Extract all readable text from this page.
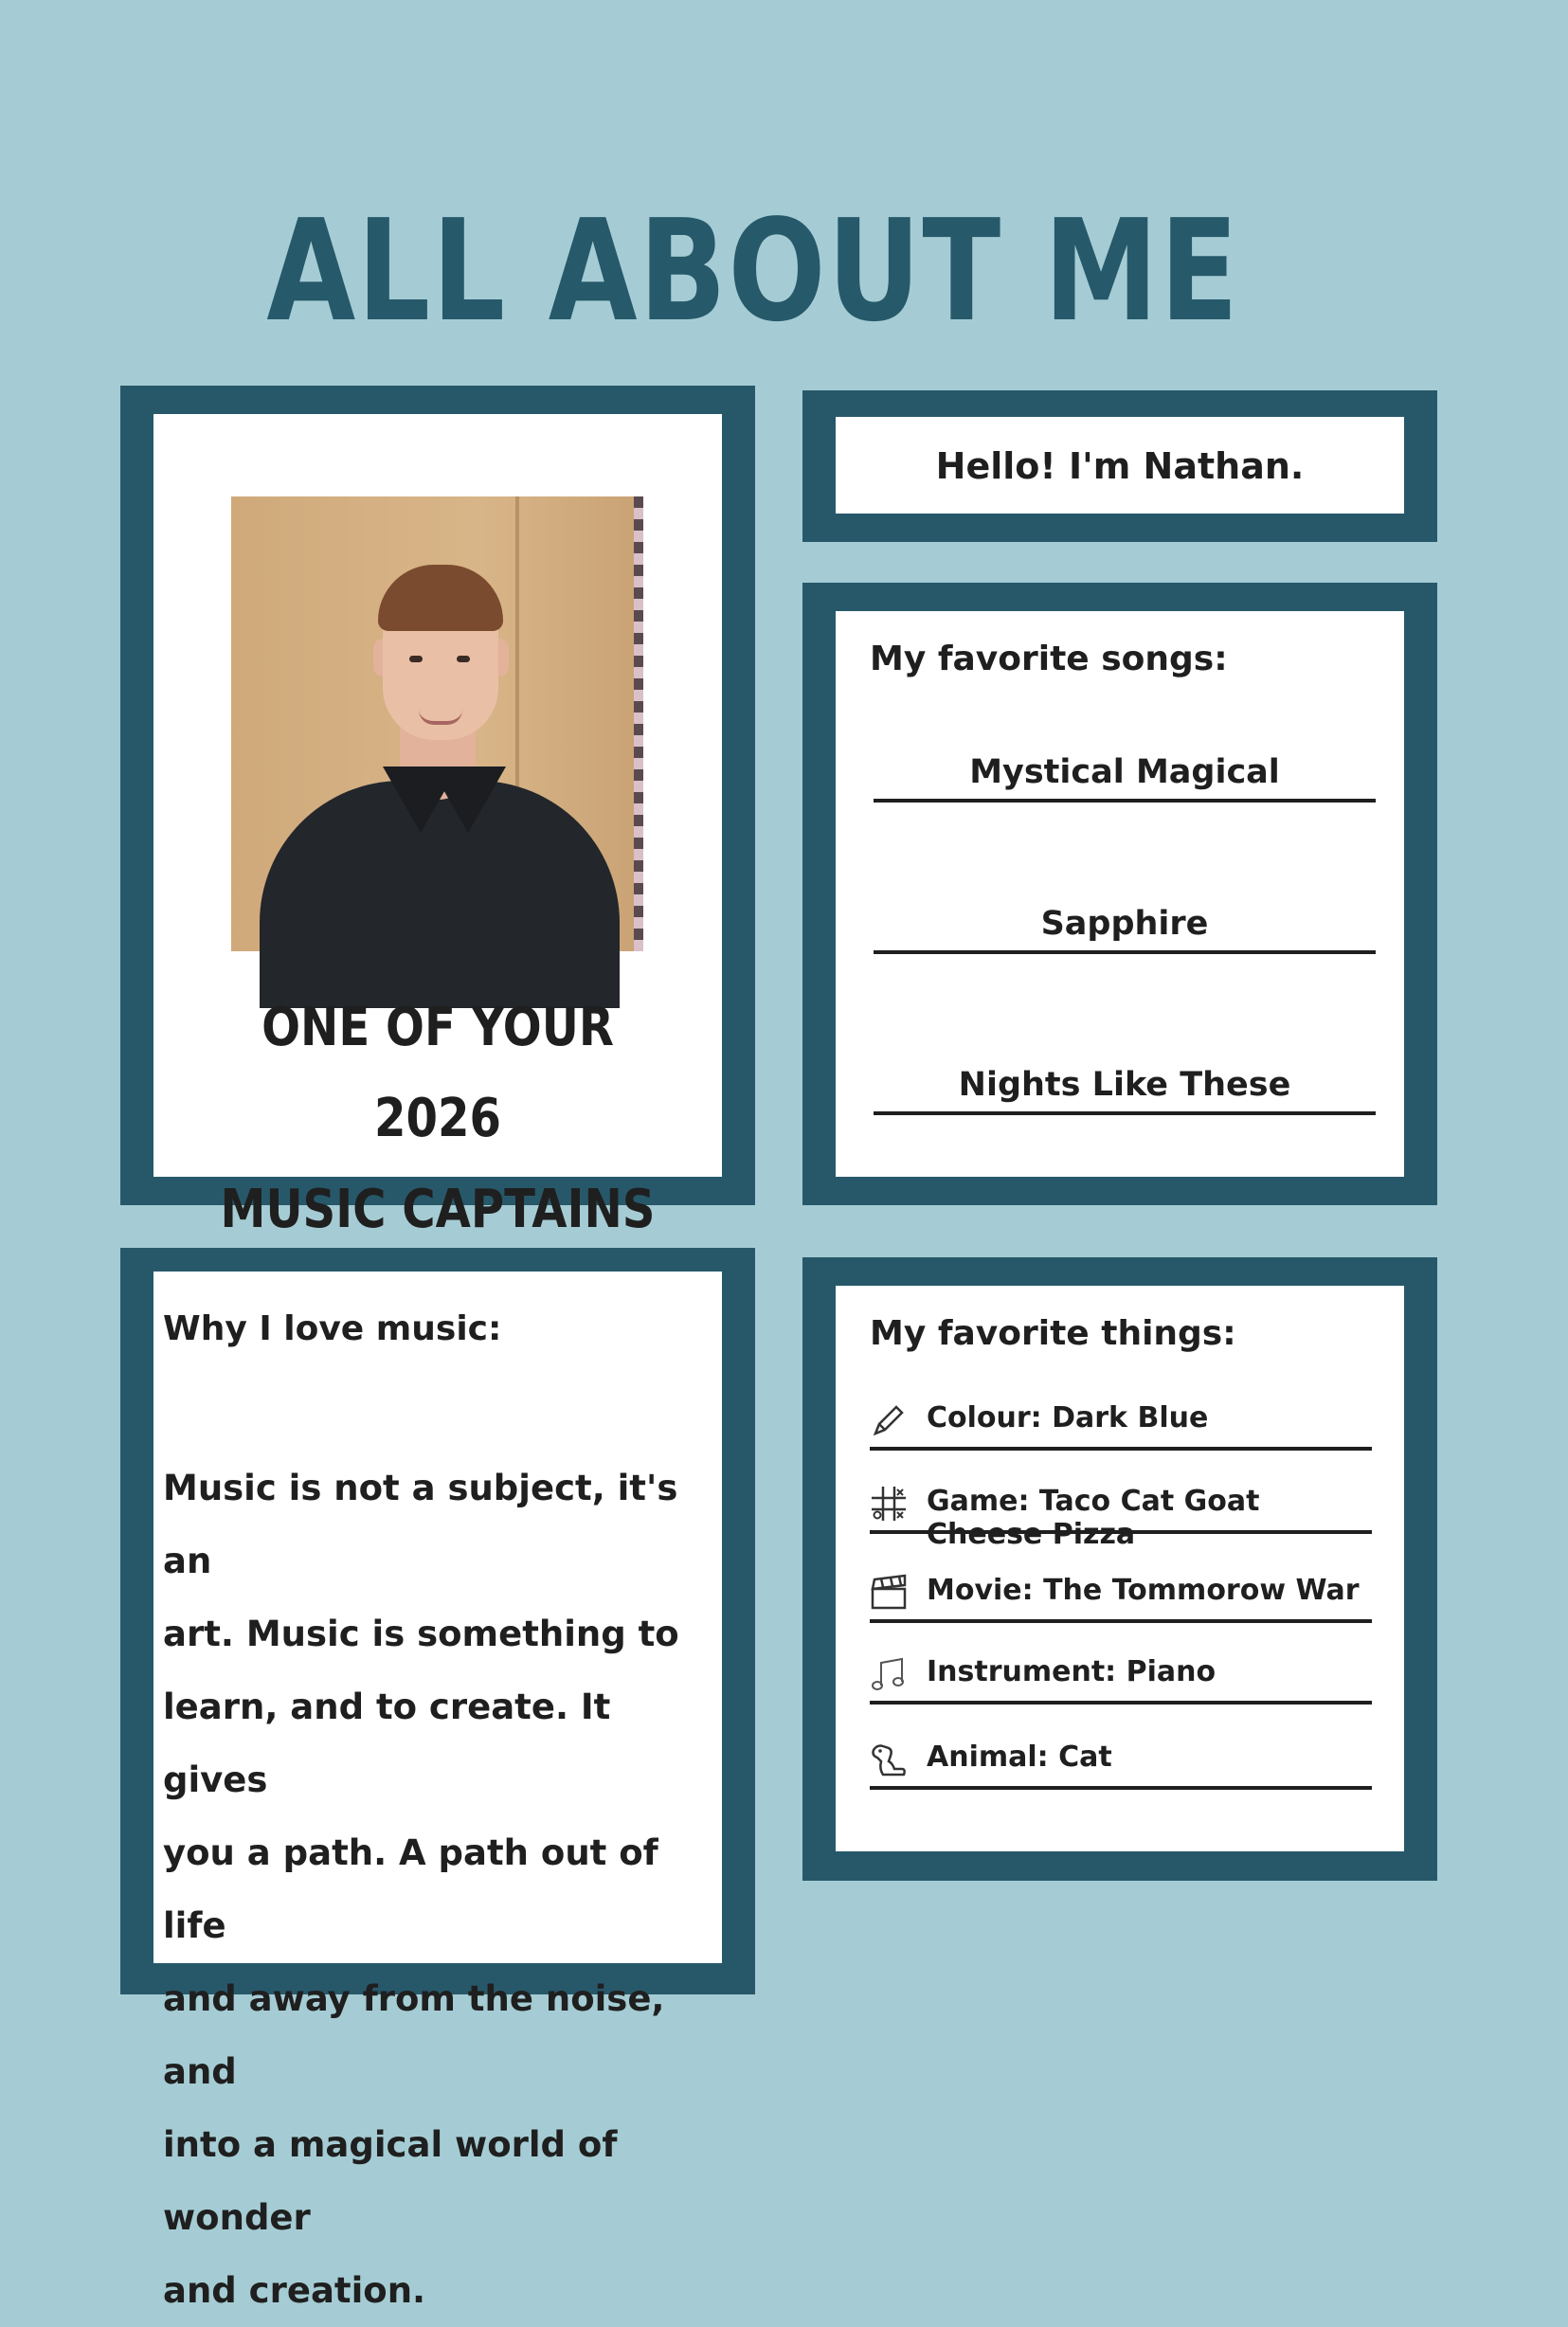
ALL ABOUT ME
ONE OF YOUR 2026
MUSIC CAPTAINS
Hello! I'm Nathan.
My favorite songs:
Mystical Magical
Sapphire
Nights Like These
Why I love music:
Music is not a subject, it's an
art. Music is something to
learn, and to create. It gives
you a path. A path out of life
and away from the noise, and
into a magical world of wonder
and creation.
My favorite things:
Colour: Dark Blue
Game: Taco Cat Goat Cheese Pizza
Movie: The Tommorow War
Instrument: Piano
Animal: Cat
